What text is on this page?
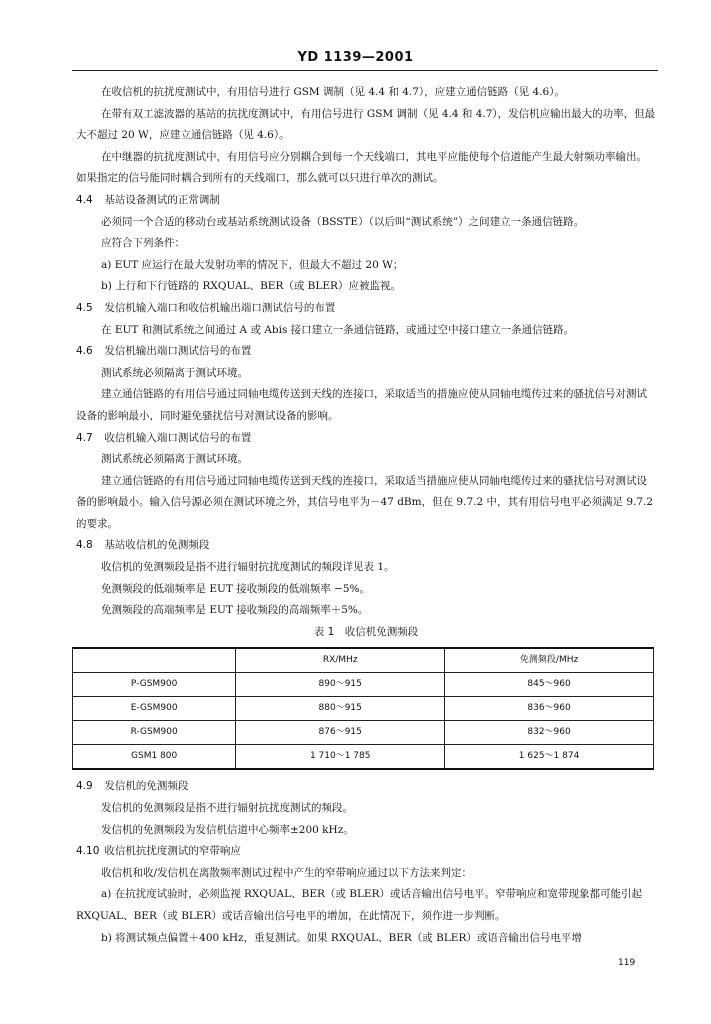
YD 1139—2001

在收信机的抗扰度测试中，有用信号进行 GSM 调制（见 4.4 和 4.7），应建立通信链路（见 4.6）。

在带有双工滤波器的基站的抗扰度测试中，有用信号进行 GSM 调制（见 4.4 和 4.7），发信机应输出最大的功率，但最大不超过 20 W，应建立通信链路（见 4.6）。

在中继器的抗扰度测试中，有用信号应分别耦合到每一个天线端口，其电平应能使每个信道能产生最大射频功率输出。如果指定的信号能同时耦合到所有的天线端口，那么就可以只进行单次的测试。

4.4 基站设备测试的正常调制

必须同一个合适的移动台或基站系统测试设备（BSSTE）（以后叫“测试系统”）之间建立一条通信链路。

应符合下列条件：

a) EUT 应运行在最大发射功率的情况下，但最大不超过 20 W；

b) 上行和下行链路的 RXQUAL、BER（或 BLER）应被监视。

4.5 发信机输入端口和收信机输出端口测试信号的布置

在 EUT 和测试系统之间通过 A 或 Abis 接口建立一条通信链路，或通过空中接口建立一条通信链路。

4.6 发信机输出端口测试信号的布置

测试系统必须隔离于测试环境。

建立通信链路的有用信号通过同轴电缆传送到天线的连接口，采取适当的措施应使从同轴电缆传过来的骚扰信号对测试设备的影响最小，同时避免骚扰信号对测试设备的影响。

4.7 收信机输入端口测试信号的布置

测试系统必须隔离于测试环境。

建立通信链路的有用信号通过同轴电缆传送到天线的连接口，采取适当措施应使从同轴电缆传过来的骚扰信号对测试设备的影响最小。输入信号源必须在测试环境之外，其信号电平为－47 dBm，但在 9.7.2 中，其有用信号电平必须满足 9.7.2 的要求。

4.8 基站收信机的免测频段

收信机的免测频段是指不进行辐射抗扰度测试的频段详见表 1。

免测频段的低端频率是 EUT 接收频段的低端频率 −5%。

免测频段的高端频率是 EUT 接收频段的高端频率＋5%。

表 1　收信机免测频段

	RX/MHz	免测频段/MHz
P-GSM900	890～915	845～960
E-GSM900	880～915	836～960
R-GSM900	876～915	832～960
GSM1 800	1 710～1 785	1 625～1 874

4.9 发信机的免测频段

发信机的免测频段是指不进行辐射抗扰度测试的频段。

发信机的免测频段为发信机信道中心频率±200 kHz。

4.10 收信机抗扰度测试的窄带响应

收信机和收/发信机在离散频率测试过程中产生的窄带响应通过以下方法来判定：

a) 在抗扰度试验时，必须监视 RXQUAL、BER（或 BLER）或话音输出信号电平。窄带响应和宽带现象都可能引起 RXQUAL、BER（或 BLER）或话音输出信号电平的增加，在此情况下，须作进一步判断。

b) 将测试频点偏置＋400 kHz，重复测试。如果 RXQUAL、BER（或 BLER）或语音输出信号电平增

119
